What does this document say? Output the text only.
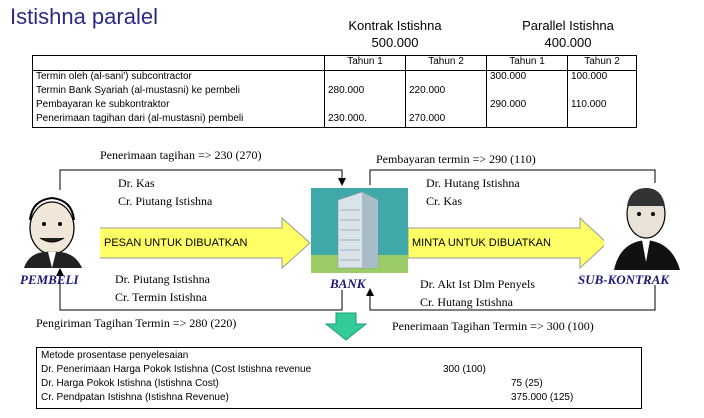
Istishna paralel	Kontrak Istishna
500.000
Parallel Istishna
400.000
	Tahun 1	Tahun 2	Tahun 1	Tahun 2
Termin oleh (al-sani') subcontractor			300.000	100.000
Termin Bank Syariah (al-mustasni) ke pembeli	280.000	220.000		
Pembayaran ke subkontraktor			290.000	110.000
Penerimaan tagihan dari (al-mustasni) pembeli	230.000.	270.000		
PESAN UNTUK DIBUATKAN	MINTA UNTUK DIBUATKAN
Penerimaan tagihan => 230 (270)	Pembayaran termin => 290 (110)
Pengiriman Tagihan Termin => 280 (220)	Penerimaan Tagihan Termin => 300 (100)
Dr. Kas
Cr. Piutang Istishna
Dr. Hutang Istishna
Cr. Kas
Dr. Piutang Istishna
Cr. Termin Istishna
Dr. Akt Ist Dlm Penyels
Cr. Hutang Istishna
PEMBELI	BANK	SUB-KONTRAK
Metode prosentase penyelesaian
Dr. Penerimaan Harga Pokok Istishna (Cost Istishna revenue	300 (100)
Dr. Harga Pokok Istishna (Istishna Cost)	75 (25)
Cr. Pendpatan Istishna (Istishna Revenue)	375.000 (125)
